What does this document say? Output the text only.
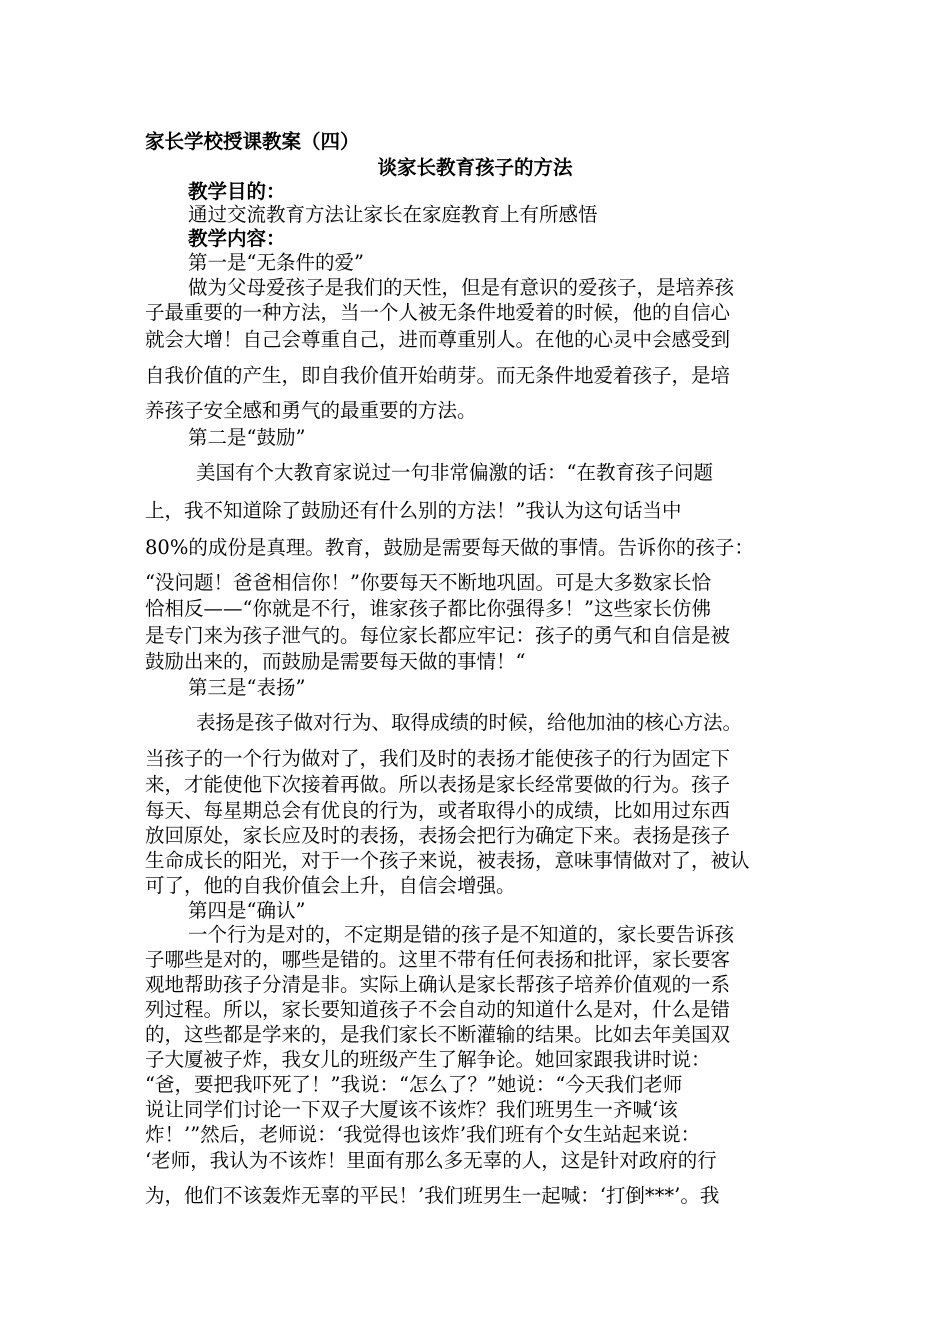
家长学校授课教案（四）
谈家长教育孩子的方法
教学目的：
通过交流教育方法让家长在家庭教育上有所感悟
教学内容：
第一是“无条件的爱”
做为父母爱孩子是我们的天性，但是有意识的爱孩子，是培养孩
子最重要的一种方法，当一个人被无条件地爱着的时候，他的自信心
就会大增！自己会尊重自己，进而尊重别人。在他的心灵中会感受到
自我价值的产生，即自我价值开始萌芽。而无条件地爱着孩子，是培
养孩子安全感和勇气的最重要的方法。
第二是“鼓励”
美国有个大教育家说过一句非常偏激的话：“在教育孩子问题
上，我不知道除了鼓励还有什么别的方法！”我认为这句话当中
80%的成份是真理。教育，鼓励是需要每天做的事情。告诉你的孩子：
“没问题！爸爸相信你！”你要每天不断地巩固。可是大多数家长恰
恰相反——“你就是不行，谁家孩子都比你强得多！”这些家长仿佛
是专门来为孩子泄气的。每位家长都应牢记：孩子的勇气和自信是被
鼓励出来的，而鼓励是需要每天做的事情！“
第三是“表扬”
表扬是孩子做对行为、取得成绩的时候，给他加油的核心方法。
当孩子的一个行为做对了，我们及时的表扬才能使孩子的行为固定下
来，才能使他下次接着再做。所以表扬是家长经常要做的行为。孩子
每天、每星期总会有优良的行为，或者取得小的成绩，比如用过东西
放回原处，家长应及时的表扬，表扬会把行为确定下来。表扬是孩子
生命成长的阳光，对于一个孩子来说，被表扬，意味事情做对了，被认
可了，他的自我价值会上升，自信会增强。
第四是“确认”
一个行为是对的，不定期是错的孩子是不知道的，家长要告诉孩
子哪些是对的，哪些是错的。这里不带有任何表扬和批评，家长要客
观地帮助孩子分清是非。实际上确认是家长帮孩子培养价值观的一系
列过程。所以，家长要知道孩子不会自动的知道什么是对，什么是错
的，这些都是学来的，是我们家长不断灌输的结果。比如去年美国双
子大厦被子炸，我女儿的班级产生了解争论。她回家跟我讲时说：
“爸，要把我吓死了！”我说：“怎么了？”她说：“今天我们老师
说让同学们讨论一下双子大厦该不该炸？我们班男生一齐喊‘该
炸！’”然后，老师说：‘我觉得也该炸’我们班有个女生站起来说：
‘老师，我认为不该炸！里面有那么多无辜的人，这是针对政府的行
为，他们不该轰炸无辜的平民！’我们班男生一起喊：‘打倒***’。我
